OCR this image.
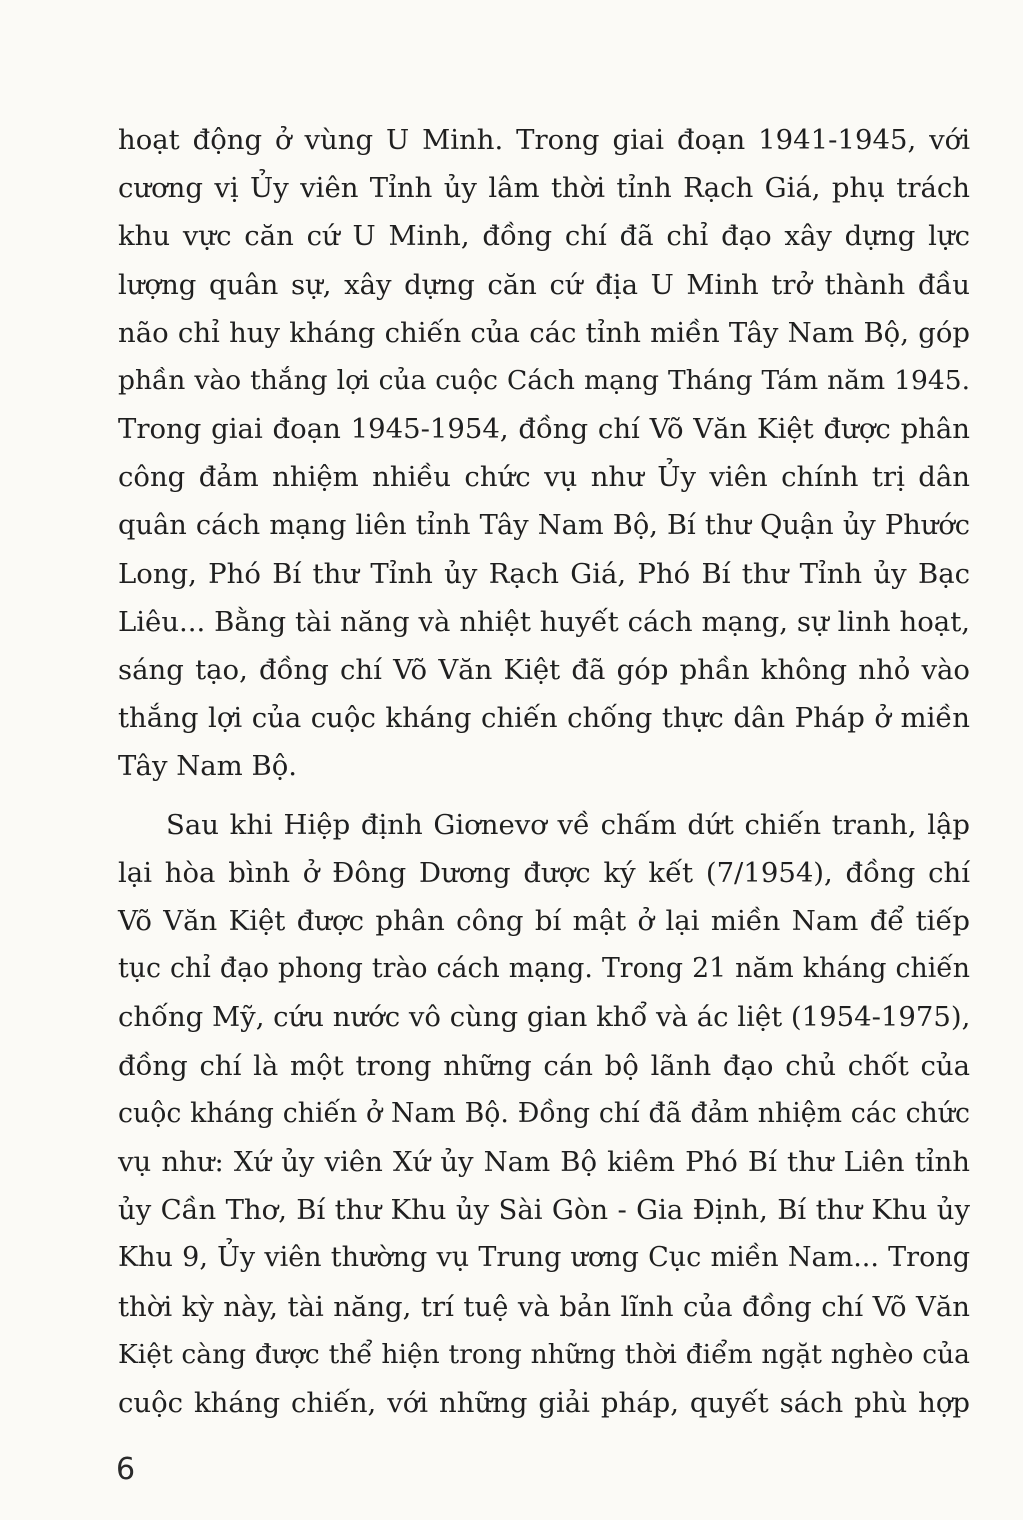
hoạt động ở vùng U Minh. Trong giai đoạn 1941-1945, với
cương vị Ủy viên Tỉnh ủy lâm thời tỉnh Rạch Giá, phụ trách
khu vực căn cứ U Minh, đồng chí đã chỉ đạo xây dựng lực
lượng quân sự, xây dựng căn cứ địa U Minh trở thành đầu
não chỉ huy kháng chiến của các tỉnh miền Tây Nam Bộ, góp
phần vào thắng lợi của cuộc Cách mạng Tháng Tám năm 1945.
Trong giai đoạn 1945-1954, đồng chí Võ Văn Kiệt được phân
công đảm nhiệm nhiều chức vụ như Ủy viên chính trị dân
quân cách mạng liên tỉnh Tây Nam Bộ, Bí thư Quận ủy Phước
Long, Phó Bí thư Tỉnh ủy Rạch Giá, Phó Bí thư Tỉnh ủy Bạc
Liêu... Bằng tài năng và nhiệt huyết cách mạng, sự linh hoạt,
sáng tạo, đồng chí Võ Văn Kiệt đã góp phần không nhỏ vào
thắng lợi của cuộc kháng chiến chống thực dân Pháp ở miền
Tây Nam Bộ.
Sau khi Hiệp định Giơnevơ về chấm dứt chiến tranh, lập
lại hòa bình ở Đông Dương được ký kết (7/1954), đồng chí
Võ Văn Kiệt được phân công bí mật ở lại miền Nam để tiếp
tục chỉ đạo phong trào cách mạng. Trong 21 năm kháng chiến
chống Mỹ, cứu nước vô cùng gian khổ và ác liệt (1954-1975),
đồng chí là một trong những cán bộ lãnh đạo chủ chốt của
cuộc kháng chiến ở Nam Bộ. Đồng chí đã đảm nhiệm các chức
vụ như: Xứ ủy viên Xứ ủy Nam Bộ kiêm Phó Bí thư Liên tỉnh
ủy Cần Thơ, Bí thư Khu ủy Sài Gòn - Gia Định, Bí thư Khu ủy
Khu 9, Ủy viên thường vụ Trung ương Cục miền Nam... Trong
thời kỳ này, tài năng, trí tuệ và bản lĩnh của đồng chí Võ Văn
Kiệt càng được thể hiện trong những thời điểm ngặt nghèo của
cuộc kháng chiến, với những giải pháp, quyết sách phù hợp
6
